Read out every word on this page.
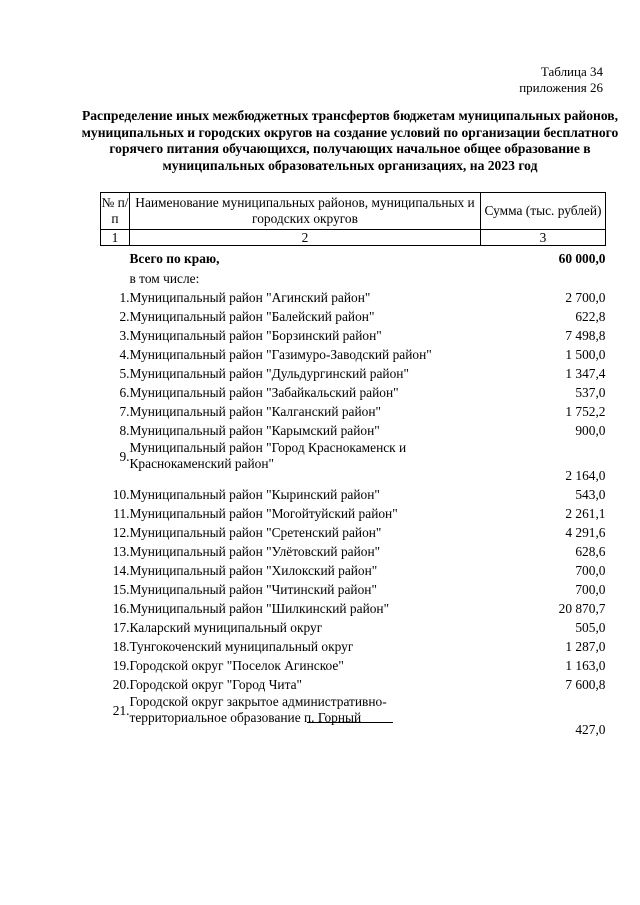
Таблица 34
приложения 26
Распределение иных межбюджетных трансфертов бюджетам муниципальных районов, муниципальных и городских округов на создание условий по организации бесплатного горячего питания обучающихся, получающих начальное общее образование в муниципальных образовательных организациях, на 2023 год
№ п/п	Наименование муниципальных районов, муниципальных и городских округов	Сумма (тыс. рублей)
1	2	3
	Всего по краю,	60 000,0
	в том числе:	
1.	Муниципальный район "Агинский район"	2 700,0
2.	Муниципальный район "Балейский район"	622,8
3.	Муниципальный район "Борзинский район"	7 498,8
4.	Муниципальный район "Газимуро-Заводский район"	1 500,0
5.	Муниципальный район "Дульдургинский район"	1 347,4
6.	Муниципальный район "Забайкальский район"	537,0
7.	Муниципальный район "Калганский район"	1 752,2
8.	Муниципальный район "Карымский район"	900,0
9.	Муниципальный район "Город Краснокаменск и Краснокаменский район"	2 164,0
10.	Муниципальный район "Кыринский район"	543,0
11.	Муниципальный район "Могойтуйский район"	2 261,1
12.	Муниципальный район "Сретенский район"	4 291,6
13.	Муниципальный район "Улётовский район"	628,6
14.	Муниципальный район "Хилокский район"	700,0
15.	Муниципальный район "Читинский район"	700,0
16.	Муниципальный район "Шилкинский район"	20 870,7
17.	Каларский муниципальный округ	505,0
18.	Тунгокоченский муниципальный округ	1 287,0
19.	Городской округ "Поселок Агинское"	1 163,0
20.	Городской округ "Город Чита"	7 600,8
21.	Городской округ закрытое административно-территориальное образование п. Горный	427,0
